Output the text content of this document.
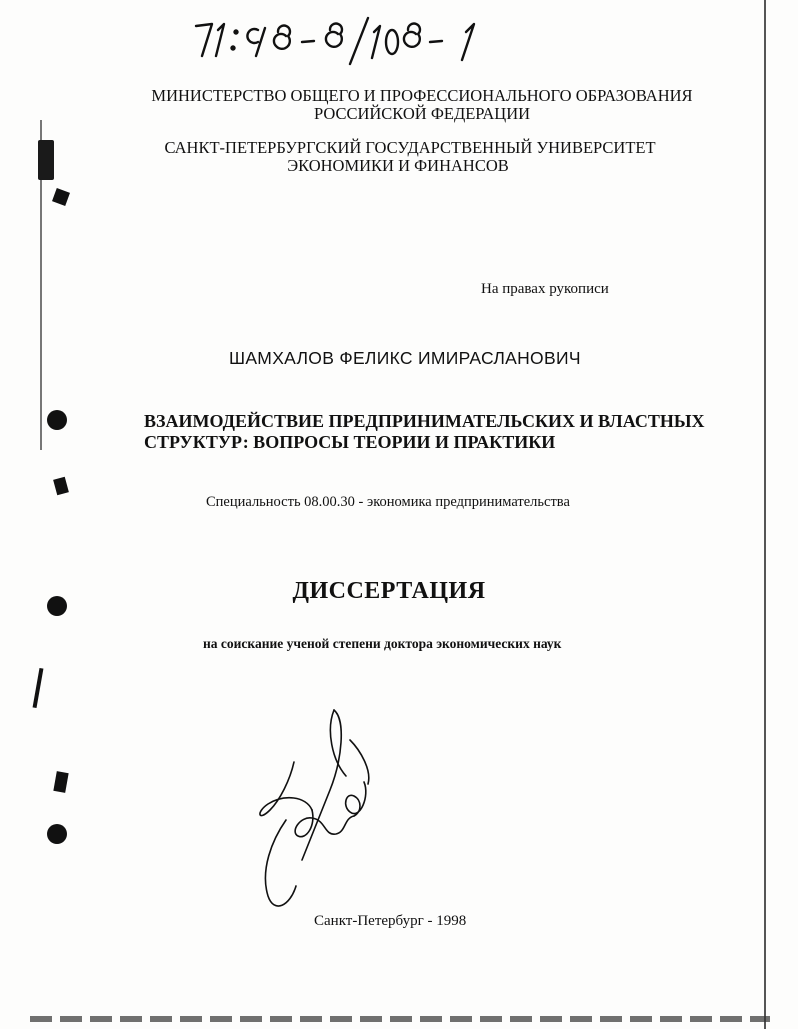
МИНИСТЕРСТВО ОБЩЕГО И ПРОФЕССИОНАЛЬНОГО ОБРАЗОВАНИЯ
РОССИЙСКОЙ ФЕДЕРАЦИИ
САНКТ-ПЕТЕРБУРГСКИЙ ГОСУДАРСТВЕННЫЙ УНИВЕРСИТЕТ
ЭКОНОМИКИ И ФИНАНСОВ
На правах рукописи
ШАМХАЛОВ ФЕЛИКС ИМИРАСЛАНОВИЧ
ВЗАИМОДЕЙСТВИЕ ПРЕДПРИНИМАТЕЛЬСКИХ И ВЛАСТНЫХ
СТРУКТУР: ВОПРОСЫ ТЕОРИИ И ПРАКТИКИ
Специальность 08.00.30 - экономика предпринимательства
ДИССЕРТАЦИЯ
на соискание ученой степени доктора экономических наук
Санкт-Петербург - 1998
